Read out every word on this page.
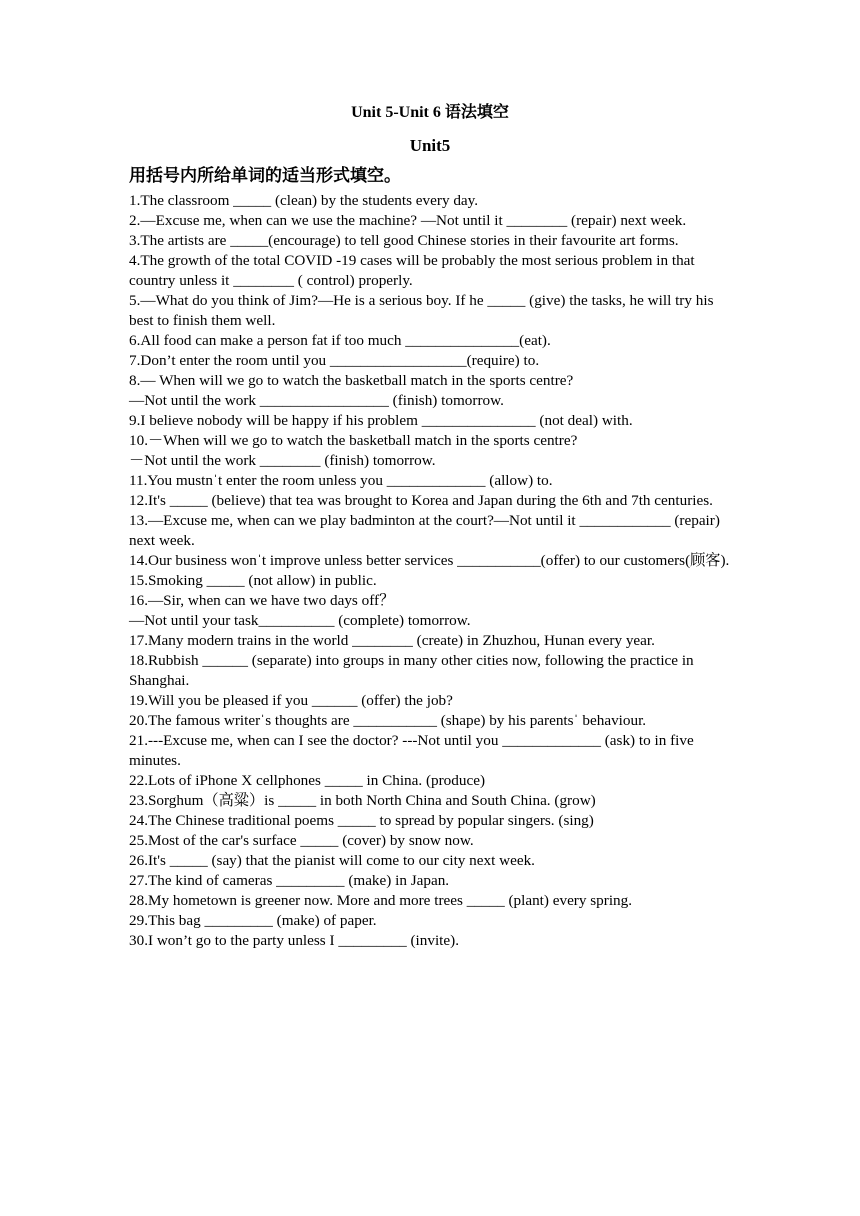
Unit 5-Unit 6 语法填空
Unit5
用括号内所给单词的适当形式填空。

1.The classroom _____ (clean) by the students every day.

2.—Excuse me, when can we use the machine? —Not until it ________ (repair) next week.

3.The artists are _____(encourage) to tell good Chinese stories in their favourite art forms.

4.The growth of the total COVID -19 cases will be probably the most serious problem in that country unless it ________ ( control) properly.

5.—What do you think of Jim?—He is a serious boy. If he _____ (give) the tasks, he will try his best to finish them well.

6.All food can make a person fat if too much _______________(eat).

7.Don’t enter the room until you __________________(require) to.

8.— When will we go to watch the basketball match in the sports centre?

—Not until the work _________________ (finish) tomorrow.

9.I believe nobody will be happy if his problem _______________ (not deal) with.

10.－When will we go to watch the basketball match in the sports centre?

－Not until the work ________ (finish) tomorrow.

11.You mustnˈt enter the room unless you _____________ (allow) to.

12.It's _____ (believe) that tea was brought to Korea and Japan during the 6th and 7th centuries.

13.—Excuse me, when can we play badminton at the court?—Not until it ____________ (repair) next week.

14.Our business wonˈt improve unless better services ___________(offer) to our customers(顾客).

15.Smoking _____ (not allow) in public.

16.—Sir, when can we have two days off？

—Not until your task__________ (complete) tomorrow.

17.Many modern trains in the world ________ (create) in Zhuzhou, Hunan every year.

18.Rubbish ______ (separate) into groups in many other cities now, following the practice in Shanghai.

19.Will you be pleased if you ______ (offer) the job?

20.The famous writerˈs thoughts are ___________ (shape) by his parentsˈ behaviour.

21.---Excuse me, when can I see the doctor? ---Not until you _____________ (ask) to in five minutes.

22.Lots of iPhone X cellphones _____ in China. (produce)

23.Sorghum（高粱）is _____ in both North China and South China. (grow)

24.The Chinese traditional poems _____ to spread by popular singers. (sing)

25.Most of the car's surface _____ (cover) by snow now.

26.It's _____ (say) that the pianist will come to our city next week.

27.The kind of cameras _________ (make) in Japan.

28.My hometown is greener now. More and more trees _____ (plant) every spring.

29.This bag _________ (make) of paper.

30.I won’t go to the party unless I _________ (invite).
